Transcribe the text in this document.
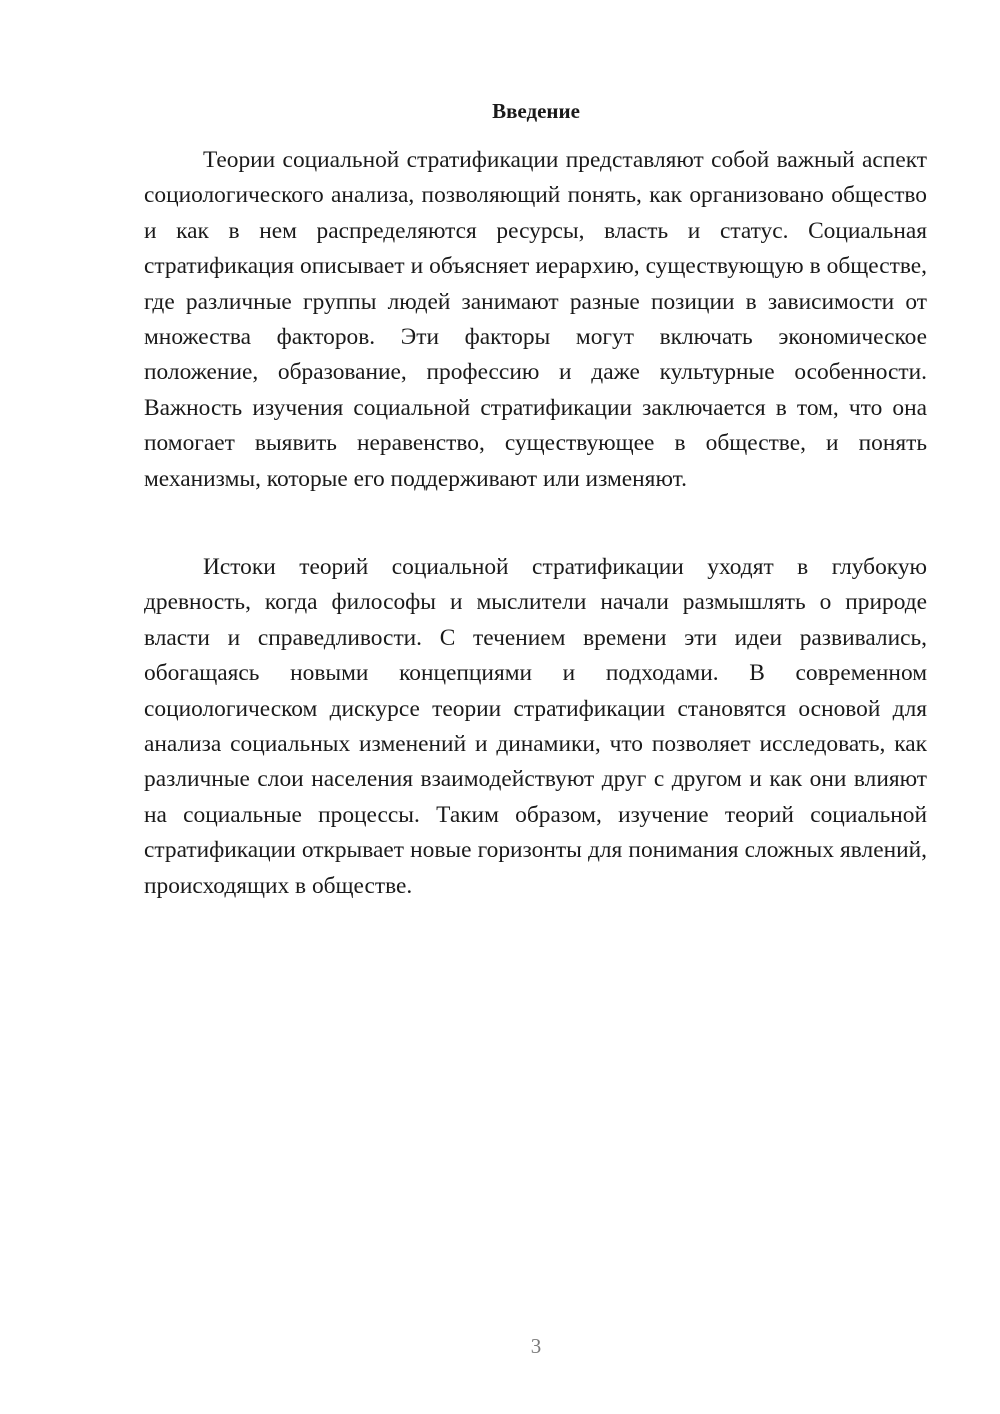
Введение

Теории социальной стратификации представляют собой важный аспект социологического анализа, позволяющий понять, как организовано общество и как в нем распределяются ресурсы, власть и статус. Социальная стратификация описывает и объясняет иерархию, существующую в обществе, где различные группы людей занимают разные позиции в зависимости от множества факторов. Эти факторы могут включать экономическое положение, образование, профессию и даже культурные особенности. Важность изучения социальной стратификации заключается в том, что она помогает выявить неравенство, существующее в обществе, и понять механизмы, которые его поддерживают или изменяют.

Истоки теорий социальной стратификации уходят в глубокую древность, когда философы и мыслители начали размышлять о природе власти и справедливости. С течением времени эти идеи развивались, обогащаясь новыми концепциями и подходами. В современном социологическом дискурсе теории стратификации становятся основой для анализа социальных изменений и динамики, что позволяет исследовать, как различные слои населения взаимодействуют друг с другом и как они влияют на социальные процессы. Таким образом, изучение теорий социальной стратификации открывает новые горизонты для понимания сложных явлений, происходящих в обществе.

3
